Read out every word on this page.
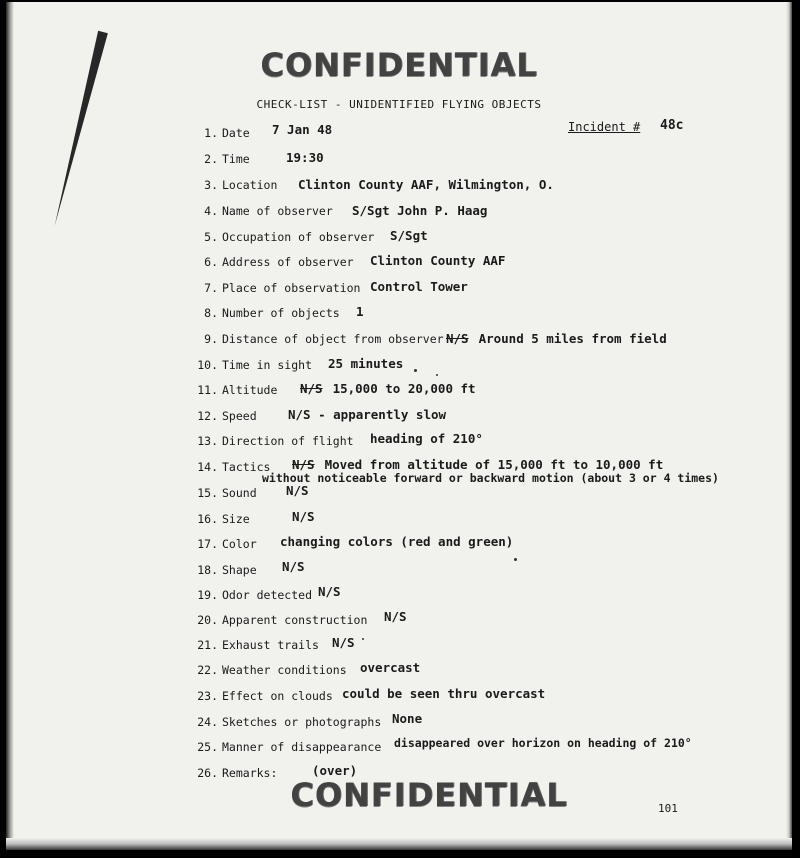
CONFIDENTIAL
CHECK-LIST - UNIDENTIFIED FLYING OBJECTS
Incident # 48c
1. Date 7 Jan 48
2. Time	19:30
3. Location Clinton County AAF, Wilmington, O.
4. Name of observer S/Sgt John P. Haag
5. Occupation of observer S/Sgt
6. Address of observer Clinton County AAF
7. Place of observation Control Tower
8. Number of objects 1
9. Distance of object from observer N/S Around 5 miles from field
10. Time in sight 25 minutes
11. Altitude N/S 15,000 to 20,000 ft
12. Speed	N/S - apparently slow
13. Direction of flight heading of 210°
14. Tactics N/S Moved from altitude of 15,000 ft to 10,000 ft
without noticeable forward or backward motion (about 3 or 4 times)
15. Sound N/S
16. Size	N/S
17. Color changing colors (red and green)
18. Shape N/S
19. Odor detected N/S
20. Apparent construction N/S
21. Exhaust trails N/S
22. Weather conditions overcast
23. Effect on clouds could be seen thru overcast
24. Sketches or photographs None
25. Manner of disappearance disappeared over horizon on heading of 210°
26. Remarks:	(over)
CONFIDENTIAL	101
